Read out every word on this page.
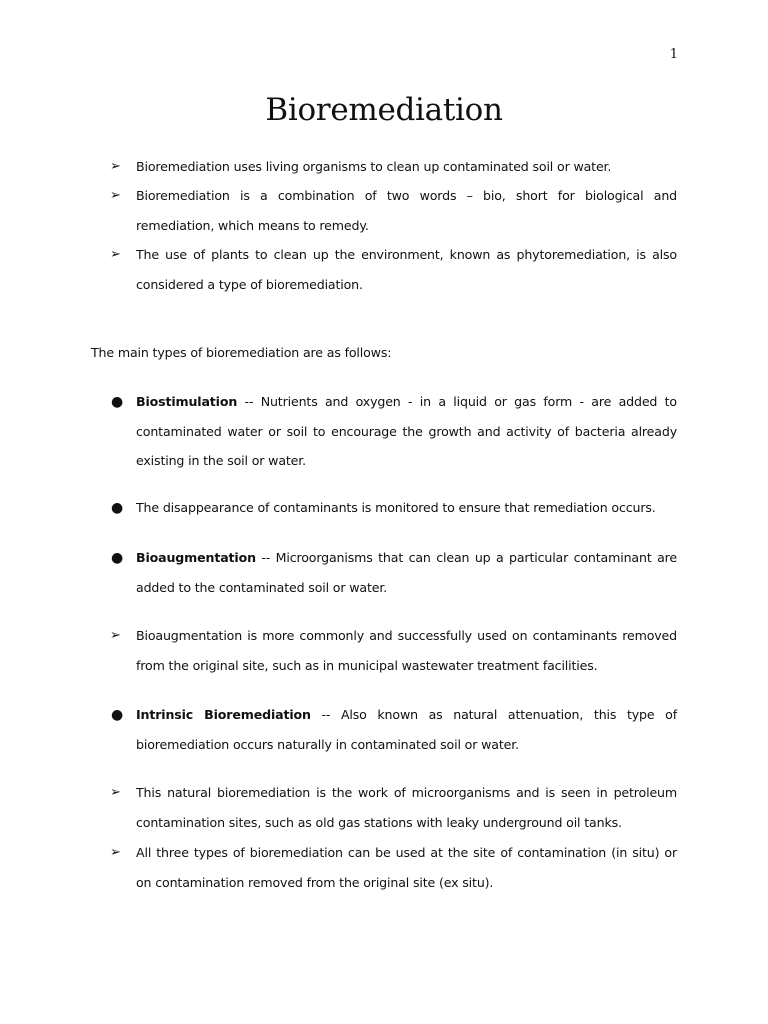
1
Bioremediation
➢	Bioremediation uses living organisms to clean up contaminated soil or water.
➢	Bioremediation is a combination of two words – bio, short for biological and remediation, which means to remedy.
➢	The use of plants to clean up the environment, known as phytoremediation, is also considered a type of bioremediation.
The main types of bioremediation are as follows:
●	Biostimulation -- Nutrients and oxygen - in a liquid or gas form - are added to contaminated water or soil to encourage the growth and activity of bacteria already existing in the soil or water.
●	The disappearance of contaminants is monitored to ensure that remediation occurs.
●	Bioaugmentation -- Microorganisms that can clean up a particular contaminant are added to the contaminated soil or water.
➢	Bioaugmentation is more commonly and successfully used on contaminants removed from the original site, such as in municipal wastewater treatment facilities.
●	Intrinsic Bioremediation -- Also known as natural attenuation, this type of bioremediation occurs naturally in contaminated soil or water.
➢	This natural bioremediation is the work of microorganisms and is seen in petroleum contamination sites, such as old gas stations with leaky underground oil tanks.
➢	All three types of bioremediation can be used at the site of contamination (in situ) or on contamination removed from the original site (ex situ).
